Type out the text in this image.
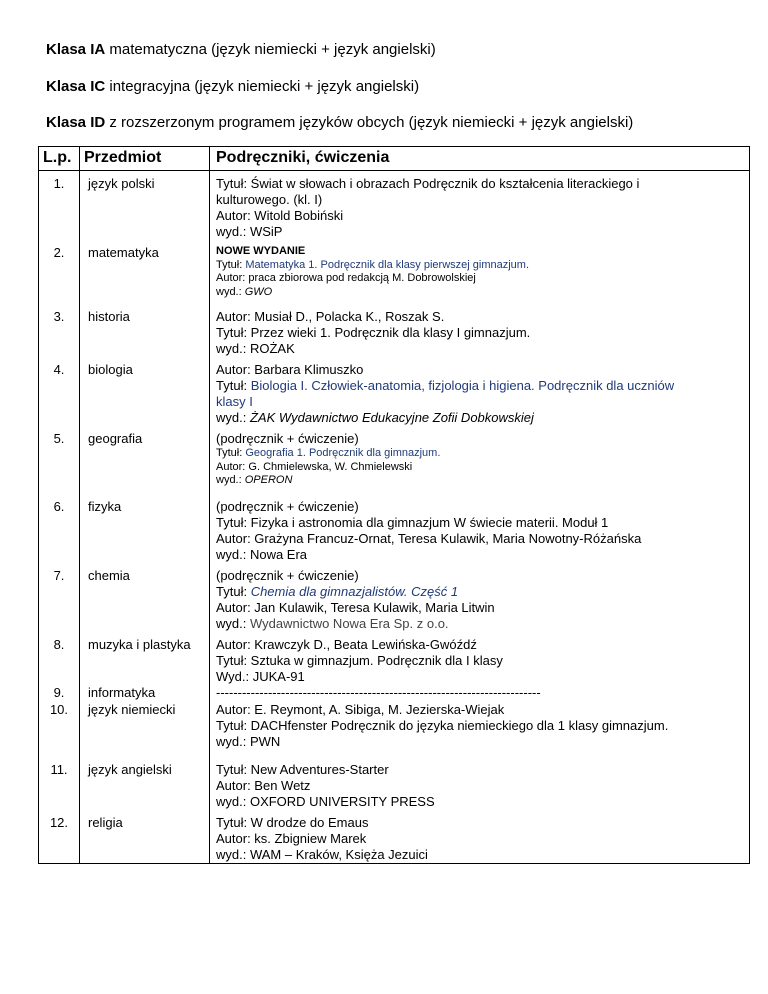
Klasa IA matematyczna (język niemiecki + język angielski)
Klasa IC integracyjna (język niemiecki + język angielski)
Klasa ID z rozszerzonym programem języków obcych (język niemiecki + język angielski)
L.p.	Przedmiot	Podręczniki, ćwiczenia
1.	język polski	Tytuł: Świat w słowach i obrazach Podręcznik do kształcenia literackiego i
kulturowego. (kl. I)
Autor: Witold Bobiński
wyd.: WSiP

2.	matematyka	NOWE WYDANIE
Tytuł: Matematyka 1. Podręcznik dla klasy pierwszej gimnazjum.
Autor: praca zbiorowa pod redakcją M. Dobrowolskiej
wyd.: GWO

3.	historia	Autor: Musiał D., Polacka K., Roszak S.
Tytuł: Przez wieki 1. Podręcznik dla klasy I gimnazjum.
wyd.: ROŻAK

4.	biologia	Autor: Barbara Klimuszko
Tytuł: Biologia I. Człowiek-anatomia, fizjologia i higiena. Podręcznik dla uczniów
klasy I
wyd.: ŻAK Wydawnictwo Edukacyjne Zofii Dobkowskiej

5.	geografia	(podręcznik + ćwiczenie)
Tytuł: Geografia 1. Podręcznik dla gimnazjum.
Autor: G. Chmielewska, W. Chmielewski
wyd.: OPERON

6.	fizyka	(podręcznik + ćwiczenie)
Tytuł: Fizyka i astronomia dla gimnazjum W świecie materii. Moduł 1
Autor: Grażyna Francuz-Ornat, Teresa Kulawik, Maria Nowotny-Różańska
wyd.: Nowa Era

7.	chemia	(podręcznik + ćwiczenie)
Tytuł: Chemia dla gimnazjalistów. Część 1
Autor: Jan Kulawik, Teresa Kulawik, Maria Litwin
wyd.: Wydawnictwo Nowa Era Sp. z o.o.

8.	muzyka i plastyka	Autor: Krawczyk D., Beata Lewińska-Gwóźdź
Tytuł: Sztuka w gimnazjum. Podręcznik dla I klasy
Wyd.: JUKA-91

9.	informatyka	---------------------------------------------------------------------------

10.	język niemiecki	Autor: E. Reymont, A. Sibiga, M. Jezierska-Wiejak
Tytuł: DACHfenster Podręcznik do języka niemieckiego dla 1 klasy gimnazjum.
wyd.: PWN

11.	język angielski	Tytuł: New Adventures-Starter
Autor: Ben Wetz
wyd.: OXFORD UNIVERSITY PRESS

12.	religia	Tytuł: W drodze do Emaus
Autor: ks. Zbigniew Marek
wyd.: WAM – Kraków, Księża Jezuici
